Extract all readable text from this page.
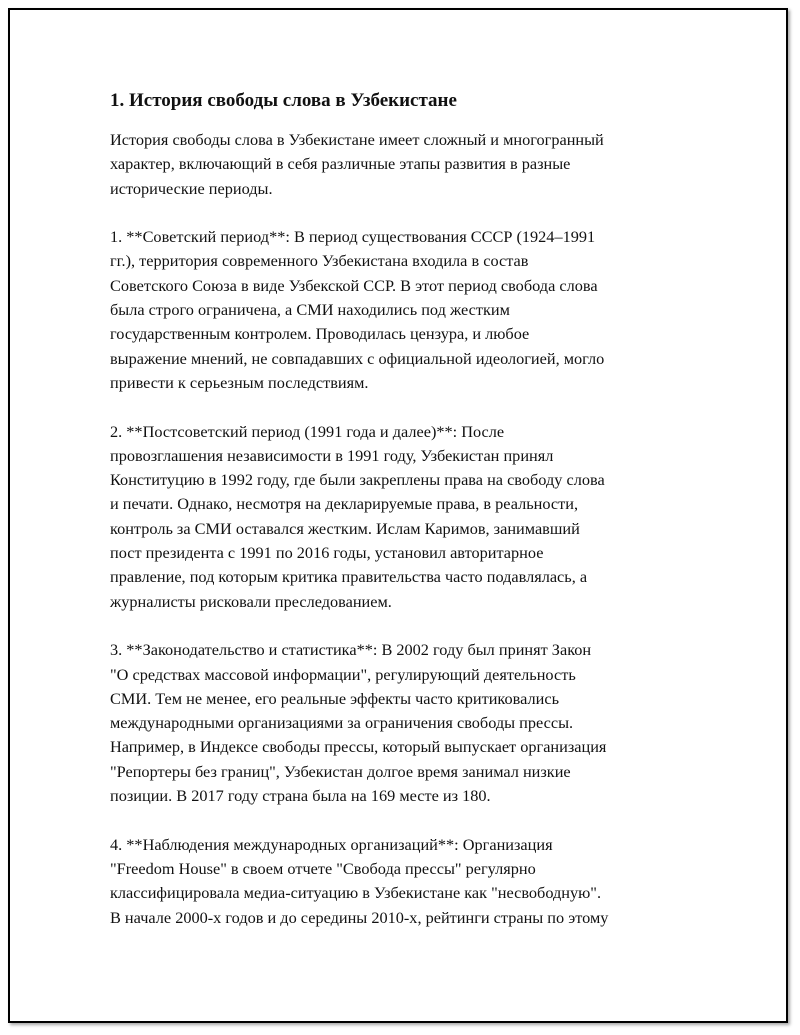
1. История свободы слова в Узбекистане
История свободы слова в Узбекистане имеет сложный и многогранный
характер, включающий в себя различные этапы развития в разные
исторические периоды.
1. **Советский период**: В период существования СССР (1924–1991
гг.), территория современного Узбекистана входила в состав
Советского Союза в виде Узбекской ССР. В этот период свобода слова
была строго ограничена, а СМИ находились под жестким
государственным контролем. Проводилась цензура, и любое
выражение мнений, не совпадавших с официальной идеологией, могло
привести к серьезным последствиям.
2. **Постсоветский период (1991 года и далее)**: После
провозглашения независимости в 1991 году, Узбекистан принял
Конституцию в 1992 году, где были закреплены права на свободу слова
и печати. Однако, несмотря на декларируемые права, в реальности,
контроль за СМИ оставался жестким. Ислам Каримов, занимавший
пост президента с 1991 по 2016 годы, установил авторитарное
правление, под которым критика правительства часто подавлялась, а
журналисты рисковали преследованием.
3. **Законодательство и статистика**: В 2002 году был принят Закон
"О средствах массовой информации", регулирующий деятельность
СМИ. Тем не менее, его реальные эффекты часто критиковались
международными организациями за ограничения свободы прессы.
Например, в Индексе свободы прессы, который выпускает организация
"Репортеры без границ", Узбекистан долгое время занимал низкие
позиции. В 2017 году страна была на 169 месте из 180.
4. **Наблюдения международных организаций**: Организация
"Freedom House" в своем отчете "Свобода прессы" регулярно
классифицировала медиа-ситуацию в Узбекистане как "несвободную".
В начале 2000-х годов и до середины 2010-х, рейтинги страны по этому
